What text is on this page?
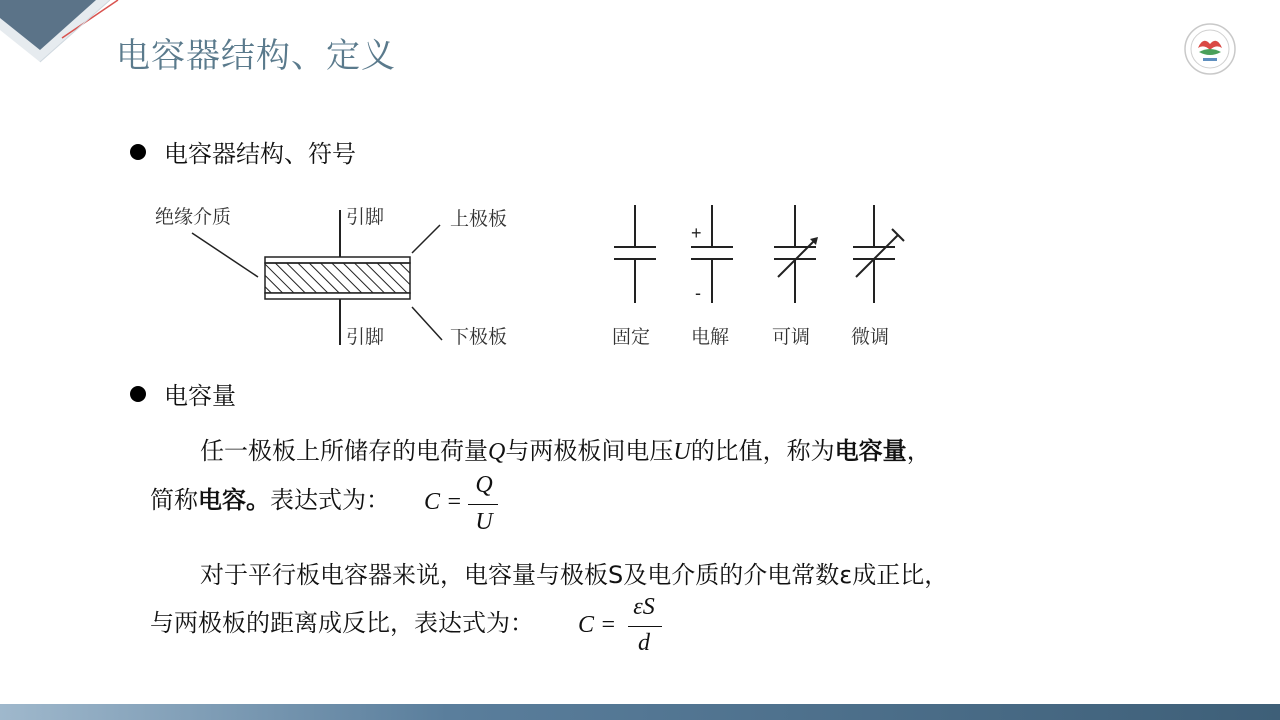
电容器结构、定义
电容器结构、符号
绝缘介质	引脚	上极板
引脚	下极板	固定
+
-
电解 可调 微调
电容量
任一极板上所储存的电荷量Q与两极板间电压U的比值，称为电容量，
简称电容。表达式为： C =
Q
U
对于平行板电容器来说，电容量与极板S及电介质的介电常数ε成正比，
与两极板的距离成反比，表达式为： C =
εS
d
